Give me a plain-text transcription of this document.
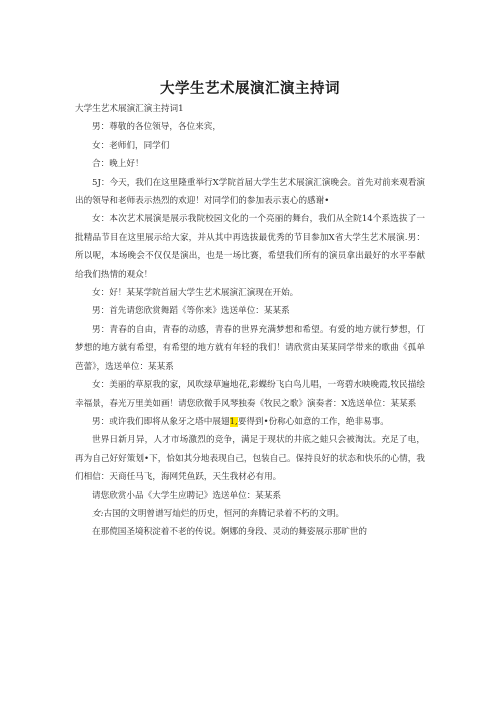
大学生艺术展演汇演主持词

大学生艺术展演汇演主持词1

男：尊敬的各位领导，各位来宾，

女：老师们，同学们

合：晚上好！

5J：今天，我们在这里隆重举行X学院首届大学生艺术展演汇演晚会。首先对前来观看演出的领导和老师表示热烈的欢迎！对同学们的参加表示衷心的感谢•

女：本次艺术展演是展示我院校园文化的一个亮丽的舞台，我们从全院14个系选拔了一批精品节目在这里展示给大家，并从其中再选拔最优秀的节目参加X省大学生艺术展演.男：所以呢，本场晚会不仅仅是演出，也是一场比赛，希望我们所有的演员拿出最好的水平奉献给我们热情的观众！

女：好！某某学院首届大学生艺术展演汇演现在开始。

男：首先请您欣赏舞蹈《等你来》选送单位：某某系

男：青春的自由，青春的动感，青春的世界充满梦想和希望。有爱的地方就行梦想，仃梦想的地方就有希望，有希望的地方就有年轻的我们！请欣赏由某某同学带来的歌曲《孤单芭蕾》，选送单位：某某系

女：美丽的草原我的家，风吹绿草遍地花,彩蝶纷飞白鸟儿唱，一弯碧水映晚霞,牧民描绘幸福景，春光万里美如画！请您欣微手风琴独奏《牧民之歌》演奏者：X选送单位：某某系

男：或许我们即将从象牙之塔中展翅1,要得到•份称心如意的工作，绝非易事。

世界日新月异，人才市场激烈的竞争，满足于现状的井底之蛙只会被淘汰。充足了电，再为自己好好策划•下，恰如其分地表现自己，包装自己。保持良好的状态和快乐的心情，我们相信：天商任马飞，海网凭鱼跃，天生我材必有用。

请您欣赏小品《大学生应聘记》选送单位：某某系

女:古国的文明曾谱写灿烂的历史，恒河的奔腾记录着不朽的文明。

在那傥国圣境积淀着不老的传说。婀娜的身段、灵动的舞姿展示那旷世的
